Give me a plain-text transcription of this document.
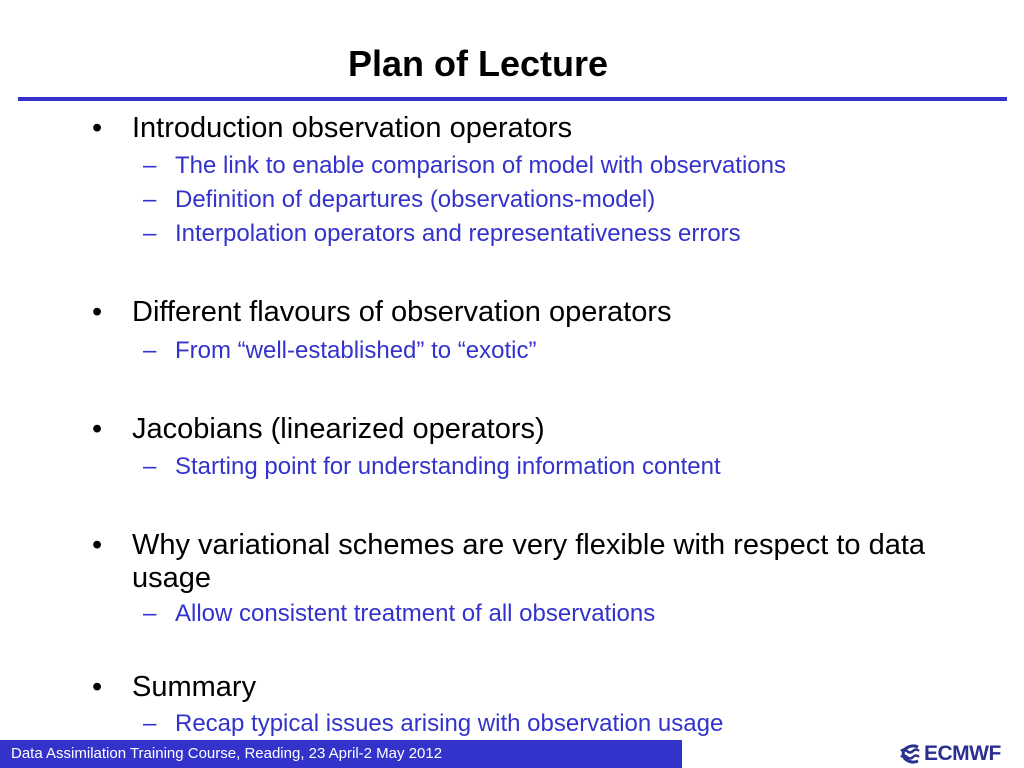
Plan of Lecture
•	Introduction observation operators
– The link to enable comparison of model with observations
– Definition of departures (observations-model)
– Interpolation operators and representativeness errors
•	Different flavours of observation operators
– From “well-established” to “exotic”
•	Jacobians (linearized operators)
– Starting point for understanding information content
•	Why variational schemes are very flexible with respect to data usage
– Allow consistent treatment of all observations
•	Summary
– Recap typical issues arising with observation usage
Data Assimilation Training Course, Reading, 23 April-2 May 2012	ECMWF
